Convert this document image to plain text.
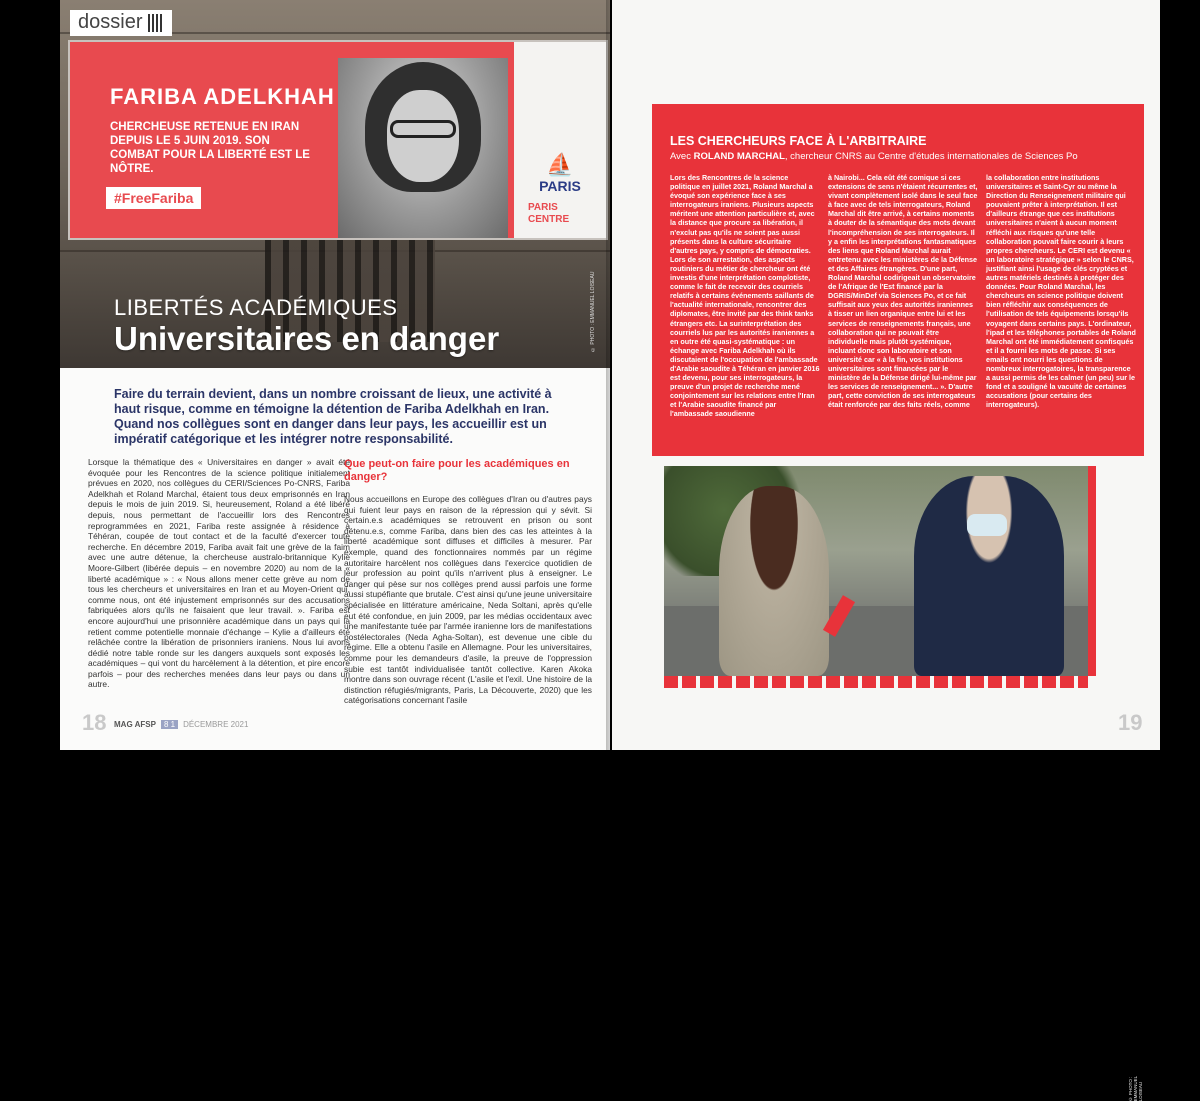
FARIBA ADELKHAH
CHERCHEUSE RETENUE EN IRAN DEPUIS LE 5 JUIN 2019. SON COMBAT POUR LA LIBERTÉ EST LE NÔTRE.
#FreeFariba
⛵
PARIS
PARIS CENTRE
© PHOTO : EMMANUEL LOISEAU
LIBERTÉS ACADÉMIQUES
Universitaires en danger
dossier
Faire du terrain devient, dans un nombre croissant de lieux, une activité à haut risque, comme en témoigne la détention de Fariba Adelkhah en Iran. Quand nos collègues sont en danger dans leur pays, les accueillir est un impératif catégorique et les intégrer notre responsabilité.
Lorsque la thématique des « Universitaires en danger » avait été évoquée pour les Rencontres de la science politique initialement prévues en 2020, nos collègues du CERI/Sciences Po-CNRS, Fariba Adelkhah et Roland Marchal, étaient tous deux emprisonnés en Iran depuis le mois de juin 2019. Si, heureusement, Roland a été libéré depuis, nous permettant de l'accueillir lors des Rencontres reprogrammées en 2021, Fariba reste assignée à résidence à Téhéran, coupée de tout contact et de la faculté d'exercer toute recherche. En décembre 2019, Fariba avait fait une grève de la faim avec une autre détenue, la chercheuse australo-britannique Kylie Moore-Gilbert (libérée depuis – en novembre 2020) au nom de la « liberté académique » : « Nous allons mener cette grève au nom de tous les chercheurs et universitaires en Iran et au Moyen-Orient qui, comme nous, ont été injustement emprisonnés sur des accusations fabriquées alors qu'ils ne faisaient que leur travail. ». Fariba est encore aujourd'hui une prisonnière académique dans un pays qui la retient comme potentielle monnaie d'échange – Kylie a d'ailleurs été relâchée contre la libération de prisonniers iraniens. Nous lui avons dédié notre table ronde sur les dangers auxquels sont exposés les académiques – qui vont du harcèlement à la détention, et pire encore parfois – pour des recherches menées dans leur pays ou dans un autre.
Que peut-on faire pour les académiques en danger?
Nous accueillons en Europe des collègues d'Iran ou d'autres pays qui fuient leur pays en raison de la répression qui y sévit. Si certain.e.s académiques se retrouvent en prison ou sont détenu.e.s, comme Fariba, dans bien des cas les atteintes à la liberté académique sont diffuses et difficiles à mesurer. Par exemple, quand des fonctionnaires nommés par un régime autoritaire harcèlent nos collègues dans l'exercice quotidien de leur profession au point qu'ils n'arrivent plus à enseigner. Le danger qui pèse sur nos collèges prend aussi parfois une forme aussi stupéfiante que brutale. C'est ainsi qu'une jeune universitaire spécialisée en littérature américaine, Neda Soltani, après qu'elle eut été confondue, en juin 2009, par les médias occidentaux avec une manifestante tuée par l'armée iranienne lors de manifestations postélectorales (Neda Agha-Soltan), est devenue une cible du régime. Elle a obtenu l'asile en Allemagne. Pour les universitaires, comme pour les demandeurs d'asile, la preuve de l'oppression subie est tantôt individualisée tantôt collective. Karen Akoka montre dans son ouvrage récent (L'asile et l'exil. Une histoire de la distinction réfugiés/migrants, Paris, La Découverte, 2020) que les catégorisations concernant l'asile
18 MAG AFSP	8 1	DÉCEMBRE 2021
LES CHERCHEURS FACE À L'ARBITRAIRE
Avec ROLAND MARCHAL, chercheur CNRS au Centre d'études internationales de Sciences Po
Lors des Rencontres de la science politique en juillet 2021, Roland Marchal a évoqué son expérience face à ses interrogateurs iraniens. Plusieurs aspects méritent une attention particulière et, avec la distance que procure sa libération, il n'exclut pas qu'ils ne soient pas aussi présents dans la culture sécuritaire d'autres pays, y compris de démocraties. Lors de son arrestation, des aspects routiniers du métier de chercheur ont été investis d'une interprétation complotiste, comme le fait de recevoir des courriels relatifs à certains événements saillants de l'actualité internationale, rencontrer des diplomates, être invité par des think tanks étrangers etc. La surinterprétation des courriels lus par les autorités iraniennes a en outre été quasi-systématique : un échange avec Fariba Adelkhah où ils discutaient de l'occupation de l'ambassade d'Arabie saoudite à Téhéran en janvier 2016 est devenu, pour ses interrogateurs, la preuve d'un projet de recherche mené conjointement sur les relations entre l'Iran et l'Arabie saoudite financé par l'ambassade saoudienne
à Nairobi... Cela eût été comique si ces extensions de sens n'étaient récurrentes et, vivant complètement isolé dans le seul face à face avec de tels interrogateurs, Roland Marchal dit être arrivé, à certains moments à douter de la sémantique des mots devant l'incompréhension de ses interrogateurs. Il y a enfin les interprétations fantasmatiques des liens que Roland Marchal aurait entretenu avec les ministères de la Défense et des Affaires étrangères. D'une part, Roland Marchal codirigeait un observatoire de l'Afrique de l'Est financé par la DGRIS/MinDef via Sciences Po, et ce fait suffisait aux yeux des autorités iraniennes à tisser un lien organique entre lui et les services de renseignements français, une collaboration qui ne pouvait être individuelle mais plutôt systémique, incluant donc son laboratoire et son université car « à la fin, vos institutions universitaires sont financées par le ministère de la Défense dirigé lui-même par les services de renseignement... ». D'autre part, cette conviction de ses interrogateurs était renforcée par des faits réels, comme
la collaboration entre institutions universitaires et Saint-Cyr ou même la Direction du Renseignement militaire qui pouvaient prêter à interprétation. Il est d'ailleurs étrange que ces institutions universitaires n'aient à aucun moment réfléchi aux risques qu'une telle collaboration pouvait faire courir à leurs propres chercheurs. Le CERI est devenu « un laboratoire stratégique » selon le CNRS, justifiant ainsi l'usage de clés cryptées et autres matériels destinés à protéger des données. Pour Roland Marchal, les chercheurs en science politique doivent bien réfléchir aux conséquences de l'utilisation de tels équipements lorsqu'ils voyagent dans certains pays. L'ordinateur, l'ipad et les téléphones portables de Roland Marchal ont été immédiatement confisqués et il a fourni les mots de passe. Si ses emails ont nourri les questions de nombreux interrogatoires, la transparence a aussi permis de les calmer (un peu) sur le fond et a souligné la vacuité de certaines accusations (pour certains des interrogateurs).
© PHOTO : EMMANUEL LOISEAU
19
